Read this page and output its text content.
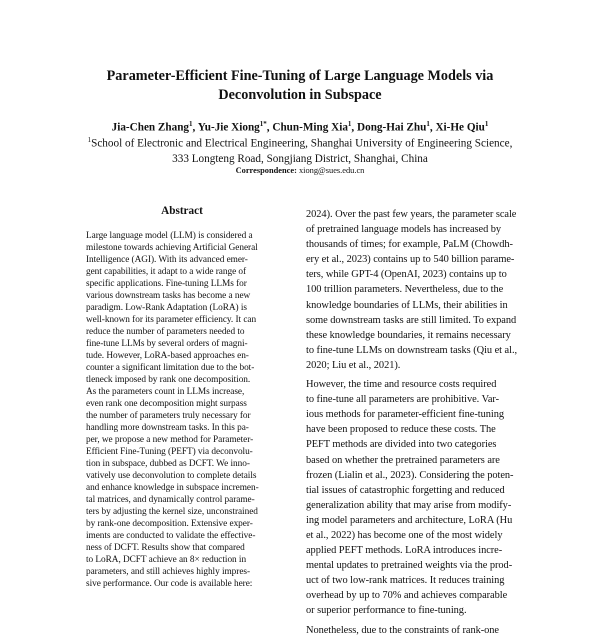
Parameter-Efficient Fine-Tuning of Large Language Models via
Deconvolution in Subspace
Jia-Chen Zhang$^1$, Yu-Jie Xiong$^{1*}$, Chun-Ming Xia$^1$, Dong-Hai Zhu$^1$, Xi-He Qiu$^1$
$^1$School of Electronic and Electrical Engineering, Shanghai University of Engineering Science,
333 Longteng Road, Songjiang District, Shanghai, China
Correspondence: xiong@sues.edu.cn
Abstract
Large language model (LLM) is considered a
milestone towards achieving Artificial General
Intelligence (AGI). With its advanced emer-
gent capabilities, it adapt to a wide range of
specific applications. Fine-tuning LLMs for
various downstream tasks has become a new
paradigm. Low-Rank Adaptation (LoRA) is
well-known for its parameter efficiency. It can
reduce the number of parameters needed to
fine-tune LLMs by several orders of magni-
tude. However, LoRA-based approaches en-
counter a significant limitation due to the bot-
tleneck imposed by rank one decomposition.
As the parameters count in LLMs increase,
even rank one decomposition might surpass
the number of parameters truly necessary for
handling more downstream tasks. In this pa-
per, we propose a new method for Parameter-
Efficient Fine-Tuning (PEFT) via deconvolu-
tion in subspace, dubbed as DCFT. We inno-
vatively use deconvolution to complete details
and enhance knowledge in subspace incremen-
tal matrices, and dynamically control parame-
ters by adjusting the kernel size, unconstrained
by rank-one decomposition. Extensive exper-
iments are conducted to validate the effective-
ness of DCFT. Results show that compared
to LoRA, DCFT achieve an 8× reduction in
parameters, and still achieves highly impres-
sive performance. Our code is available here:
2024). Over the past few years, the parameter scale
of pretrained language models has increased by
thousands of times; for example, PaLM (Chowdh-
ery et al., 2023) contains up to 540 billion parame-
ters, while GPT-4 (OpenAI, 2023) contains up to
100 trillion parameters. Nevertheless, due to the
knowledge boundaries of LLMs, their abilities in
some downstream tasks are still limited. To expand
these knowledge boundaries, it remains necessary
to fine-tune LLMs on downstream tasks (Qiu et al.,
2020; Liu et al., 2021).
However, the time and resource costs required
to fine-tune all parameters are prohibitive. Var-
ious methods for parameter-efficient fine-tuning
have been proposed to reduce these costs. The
PEFT methods are divided into two categories
based on whether the pretrained parameters are
frozen (Lialin et al., 2023). Considering the poten-
tial issues of catastrophic forgetting and reduced
generalization ability that may arise from modify-
ing model parameters and architecture, LoRA (Hu
et al., 2022) has become one of the most widely
applied PEFT methods. LoRA introduces incre-
mental updates to pretrained weights via the prod-
uct of two low-rank matrices. It reduces training
overhead by up to 70% and achieves comparable
or superior performance to fine-tuning.
Nonetheless, due to the constraints of rank-one
